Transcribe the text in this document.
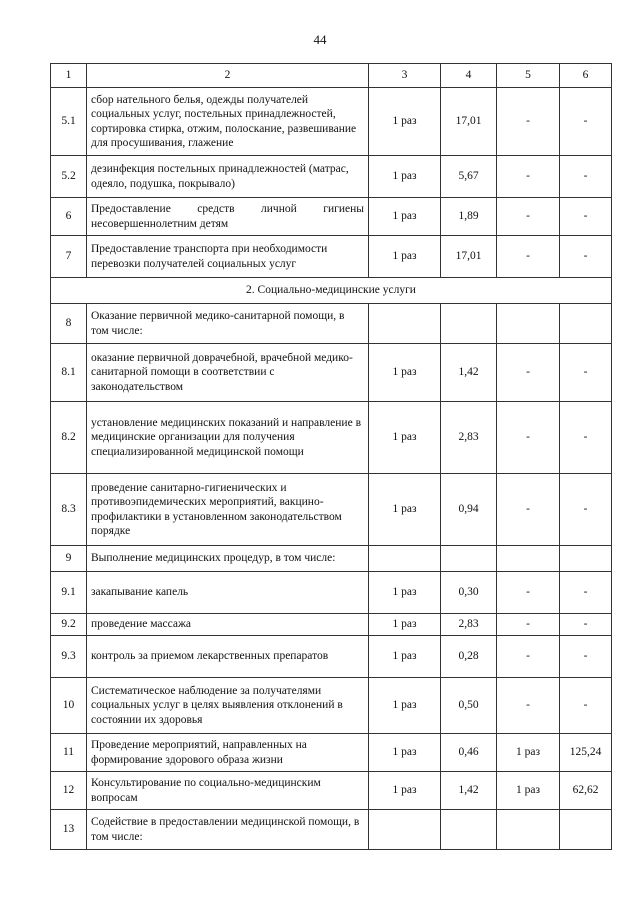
44
1	2	3	4	5	6
5.1	сбор нательного белья, одежды получателей социальных услуг, постельных принадлежностей, сортировка стирка, отжим, полоскание, развешивание для просушивания, глажение	1 раз	17,01	-	-
5.2	дезинфекция постельных принадлежностей (матрас, одеяло, подушка, покрывало)	1 раз	5,67	-	-
6	Предоставление средств личной гигиены несовершеннолетним детям	1 раз	1,89	-	-
7	Предоставление транспорта при необходимости перевозки получателей социальных услуг	1 раз	17,01	-	-
2. Социально-медицинские услуги					
8	Оказание первичной медико-санитарной помощи, в том числе:				
8.1	оказание первичной доврачебной, врачебной медико-санитарной помощи в соответствии с законодательством	1 раз	1,42	-	-
8.2	установление медицинских показаний и направление в медицинские организации для получения специализированной медицинской помощи	1 раз	2,83	-	-
8.3	проведение санитарно-гигиенических и противоэпидемических мероприятий, вакцино-профилактики в установленном законодательством порядке	1 раз	0,94	-	-
9	Выполнение медицинских процедур, в том числе:				
9.1	закапывание капель	1 раз	0,30	-	-
9.2	проведение массажа	1 раз	2,83	-	-
9.3	контроль за приемом лекарственных препаратов	1 раз	0,28	-	-
10	Систематическое наблюдение за получателями социальных услуг в целях выявления отклонений в состоянии их здоровья	1 раз	0,50	-	-
11	Проведение мероприятий, направленных на формирование здорового образа жизни	1 раз	0,46	1 раз	125,24
12	Консультирование по социально-медицинским вопросам	1 раз	1,42	1 раз	62,62
13	Содействие в предоставлении медицинской помощи, в том числе:				
